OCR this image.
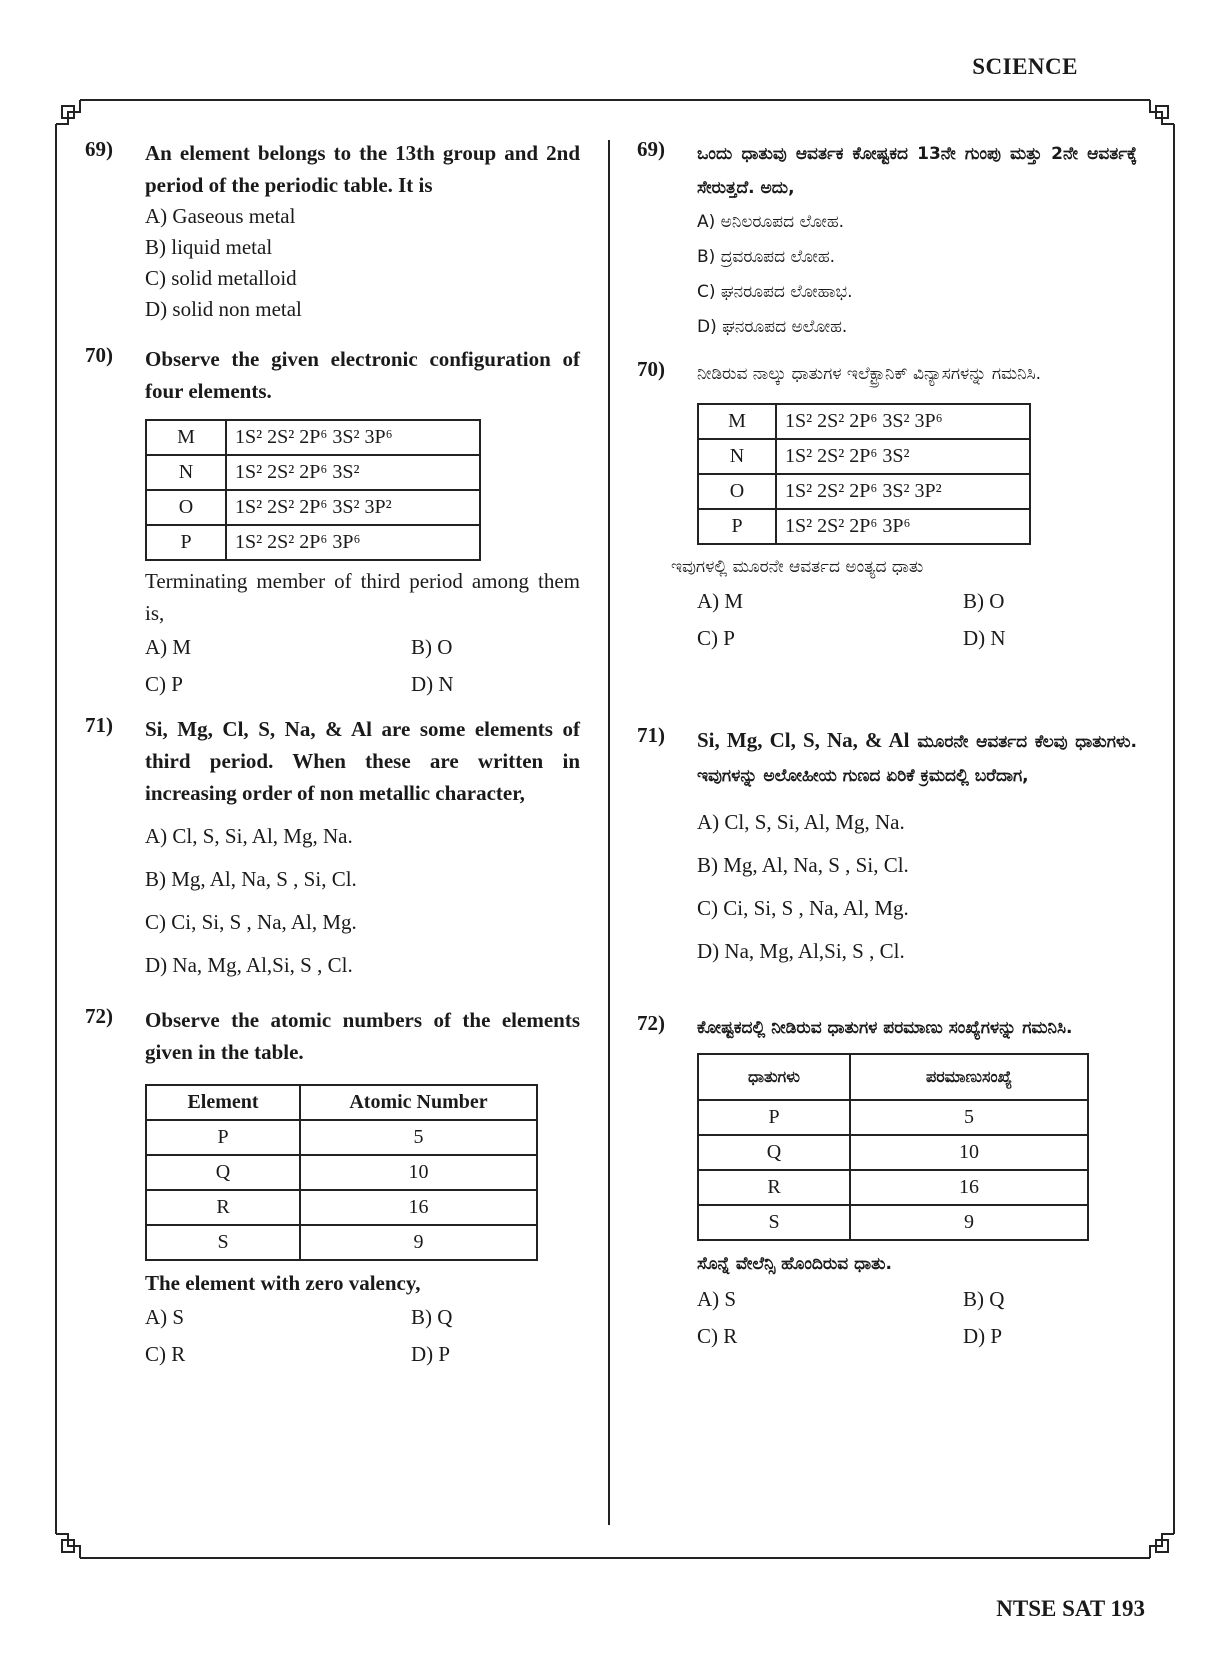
SCIENCE
69) An element belongs to the 13th group and 2nd period of the periodic table. It is
A) Gaseous metal
B) liquid metal
C) solid metalloid
D) solid non metal
70) Observe the given electronic configuration of four elements.
M	1S² 2S² 2P⁶ 3S² 3P⁶
N	1S² 2S² 2P⁶ 3S²
O	1S² 2S² 2P⁶ 3S² 3P²
P	1S² 2S² 2P⁶ 3P⁶
Terminating member of third period among them is,
A) M	B) O
C) P	D) N
71) Si, Mg, Cl, S, Na, & Al are some elements of third period. When these are written in increasing order of non metallic character,
A) Cl, S, Si, Al, Mg, Na.
B) Mg, Al, Na, S , Si, Cl.
C) Ci, Si, S , Na, Al, Mg.
D) Na, Mg, Al,Si, S , Cl.
72) Observe the atomic numbers of the elements given in the table.
Element	Atomic Number
P	5
Q	10
R	16
S	9
The element with zero valency,
A) S	B) Q
C) R	D) P
69) ಒಂದು ಧಾತುವು ಆವರ್ತಕ ಕೋಷ್ಟಕದ 13ನೇ ಗುಂಪು ಮತ್ತು 2ನೇ ಆವರ್ತಕ್ಕೆ ಸೇರುತ್ತದೆ. ಅದು,
A) ಅನಿಲರೂಪದ ಲೋಹ.
B) ದ್ರವರೂಪದ ಲೋಹ.
C) ಘನರೂಪದ ಲೋಹಾಭ.
D) ಘನರೂಪದ ಅಲೋಹ.
70) ನೀಡಿರುವ ನಾಲ್ಕು ಧಾತುಗಳ ಇಲೆಕ್ಟ್ರಾನಿಕ್ ವಿನ್ಯಾಸಗಳನ್ನು ಗಮನಿಸಿ.
M	1S² 2S² 2P⁶ 3S² 3P⁶
N	1S² 2S² 2P⁶ 3S²
O	1S² 2S² 2P⁶ 3S² 3P²
P	1S² 2S² 2P⁶ 3P⁶
ಇವುಗಳಲ್ಲಿ ಮೂರನೇ ಆವರ್ತದ ಅಂತ್ಯದ ಧಾತು
A) M	B) O
C) P	D) N
71) Si, Mg, Cl, S, Na, & Al ಮೂರನೇ ಆವರ್ತದ ಕೆಲವು ಧಾತುಗಳು. ಇವುಗಳನ್ನು ಅಲೋಹೀಯ ಗುಣದ ಏರಿಕೆ ಕ್ರಮದಲ್ಲಿ ಬರೆದಾಗ,
A) Cl, S, Si, Al, Mg, Na.
B) Mg, Al, Na, S , Si, Cl.
C) Ci, Si, S , Na, Al, Mg.
D) Na, Mg, Al,Si, S , Cl.
72) ಕೋಷ್ಟಕದಲ್ಲಿ ನೀಡಿರುವ ಧಾತುಗಳ ಪರಮಾಣು ಸಂಖ್ಯೆಗಳನ್ನು ಗಮನಿಸಿ.
ಧಾತುಗಳು	ಪರಮಾಣುಸಂಖ್ಯೆ
P	5
Q	10
R	16
S	9
ಸೊನ್ನೆ ವೇಲೆನ್ಸಿ ಹೊಂದಿರುವ ಧಾತು.
A) S	B) Q
C) R	D) P
NTSE SAT 193
